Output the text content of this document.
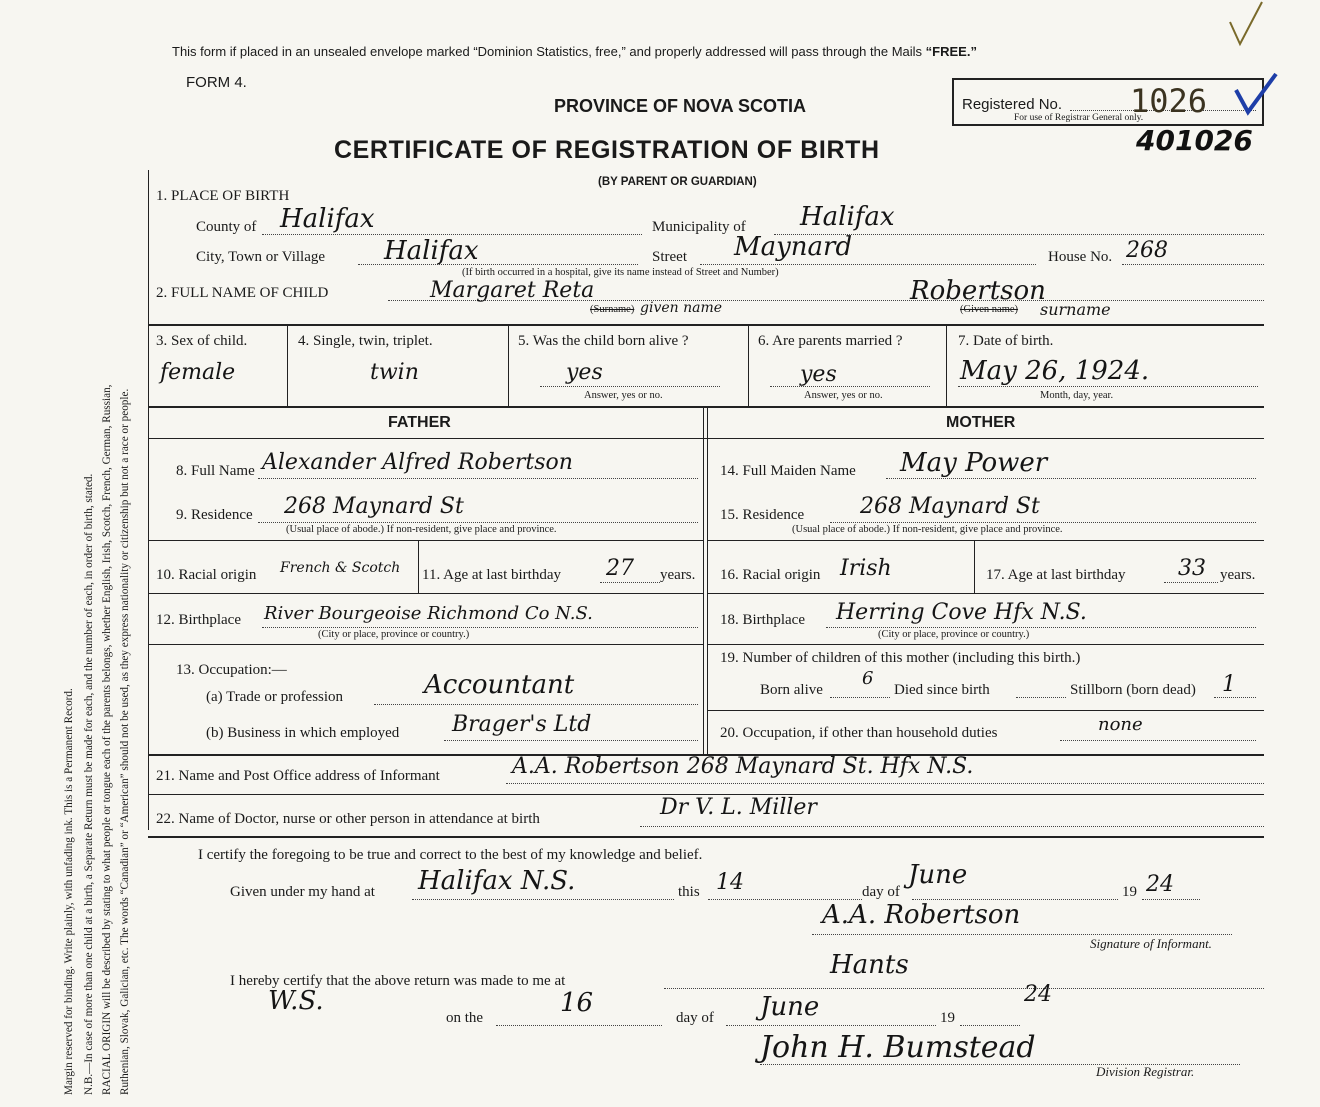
Margin reserved for binding. Write plainly, with unfading ink. This is a Permanent Record. N.B.—In case of more than one child at a birth, a Separate Return must be made for each, and the number of each, in order of birth, stated. RACIAL ORIGIN will be described by stating to what people or tongue each of the parents belongs, whether English, Irish, Scotch, French, German, Russian, Ruthenian, Slovak, Galician, etc. The words “Canadian” or “American” should not be used, as they express nationality or citizenship but not a race or people.
This form if placed in an unsealed envelope marked “Dominion Statistics, free,” and properly addressed will pass through the Mails “FREE.”
FORM 4.
PROVINCE OF NOVA SCOTIA
CERTIFICATE OF REGISTRATION OF BIRTH
(BY PARENT OR GUARDIAN)
Registered No. 1026
For use of Registrar General only.
401026
1. PLACE OF BIRTH
County of Halifax	Municipality of Halifax
City, Town or Village Halifax	Street Maynard	House No. 268
(If birth occurred in a hospital, give its name instead of Street and Number)
2. FULL NAME OF CHILD	Margaret Reta	Robertson
(Surname) given name	(Given name) surname
3. Sex of child.
female
4. Single, twin, triplet.
twin
5. Was the child born alive ?
yes
Answer, yes or no.
6. Are parents married ?
yes
Answer, yes or no.
7. Date of birth.
May 26, 1924.
Month, day, year.
FATHER	MOTHER
8. Full Name Alexander Alfred Robertson
9. Residence 268 Maynard St
(Usual place of abode.) If non-resident, give place and province.
10. Racial origin French & Scotch 11. Age at last birthday 27 years.
12. Birthplace River Bourgeoise Richmond Co N.S.
(City or place, province or country.)
13. Occupation:—
(a) Trade or profession	Accountant
(b) Business in which employed Brager's Ltd
14. Full Maiden Name May Power
15. Residence	268 Maynard St
(Usual place of abode.) If non-resident, give place and province.
16. Racial origin Irish	17. Age at last birthday 33 years.
18. Birthplace Herring Cove Hfx N.S.
(City or place, province or country.)
19. Number of children of this mother (including this birth.)
Born alive
6
Died since birth	Stillborn (born dead) 1
20. Occupation, if other than household duties	none
21. Name and Post Office address of Informant	A.A. Robertson 268 Maynard St. Hfx N.S.
22. Name of Doctor, nurse or other person in attendance at birth	Dr V. L. Miller
I certify the foregoing to be true and correct to the best of my knowledge and belief.
Given under my hand at Halifax N.S.	this 14	day of
June
19 24
A.A. Robertson
Signature of Informant.
I hereby certify that the above return was made to me at
Hants
W.S.
on the	16	day of June	19
24
John H. Bumstead
Division Registrar.
